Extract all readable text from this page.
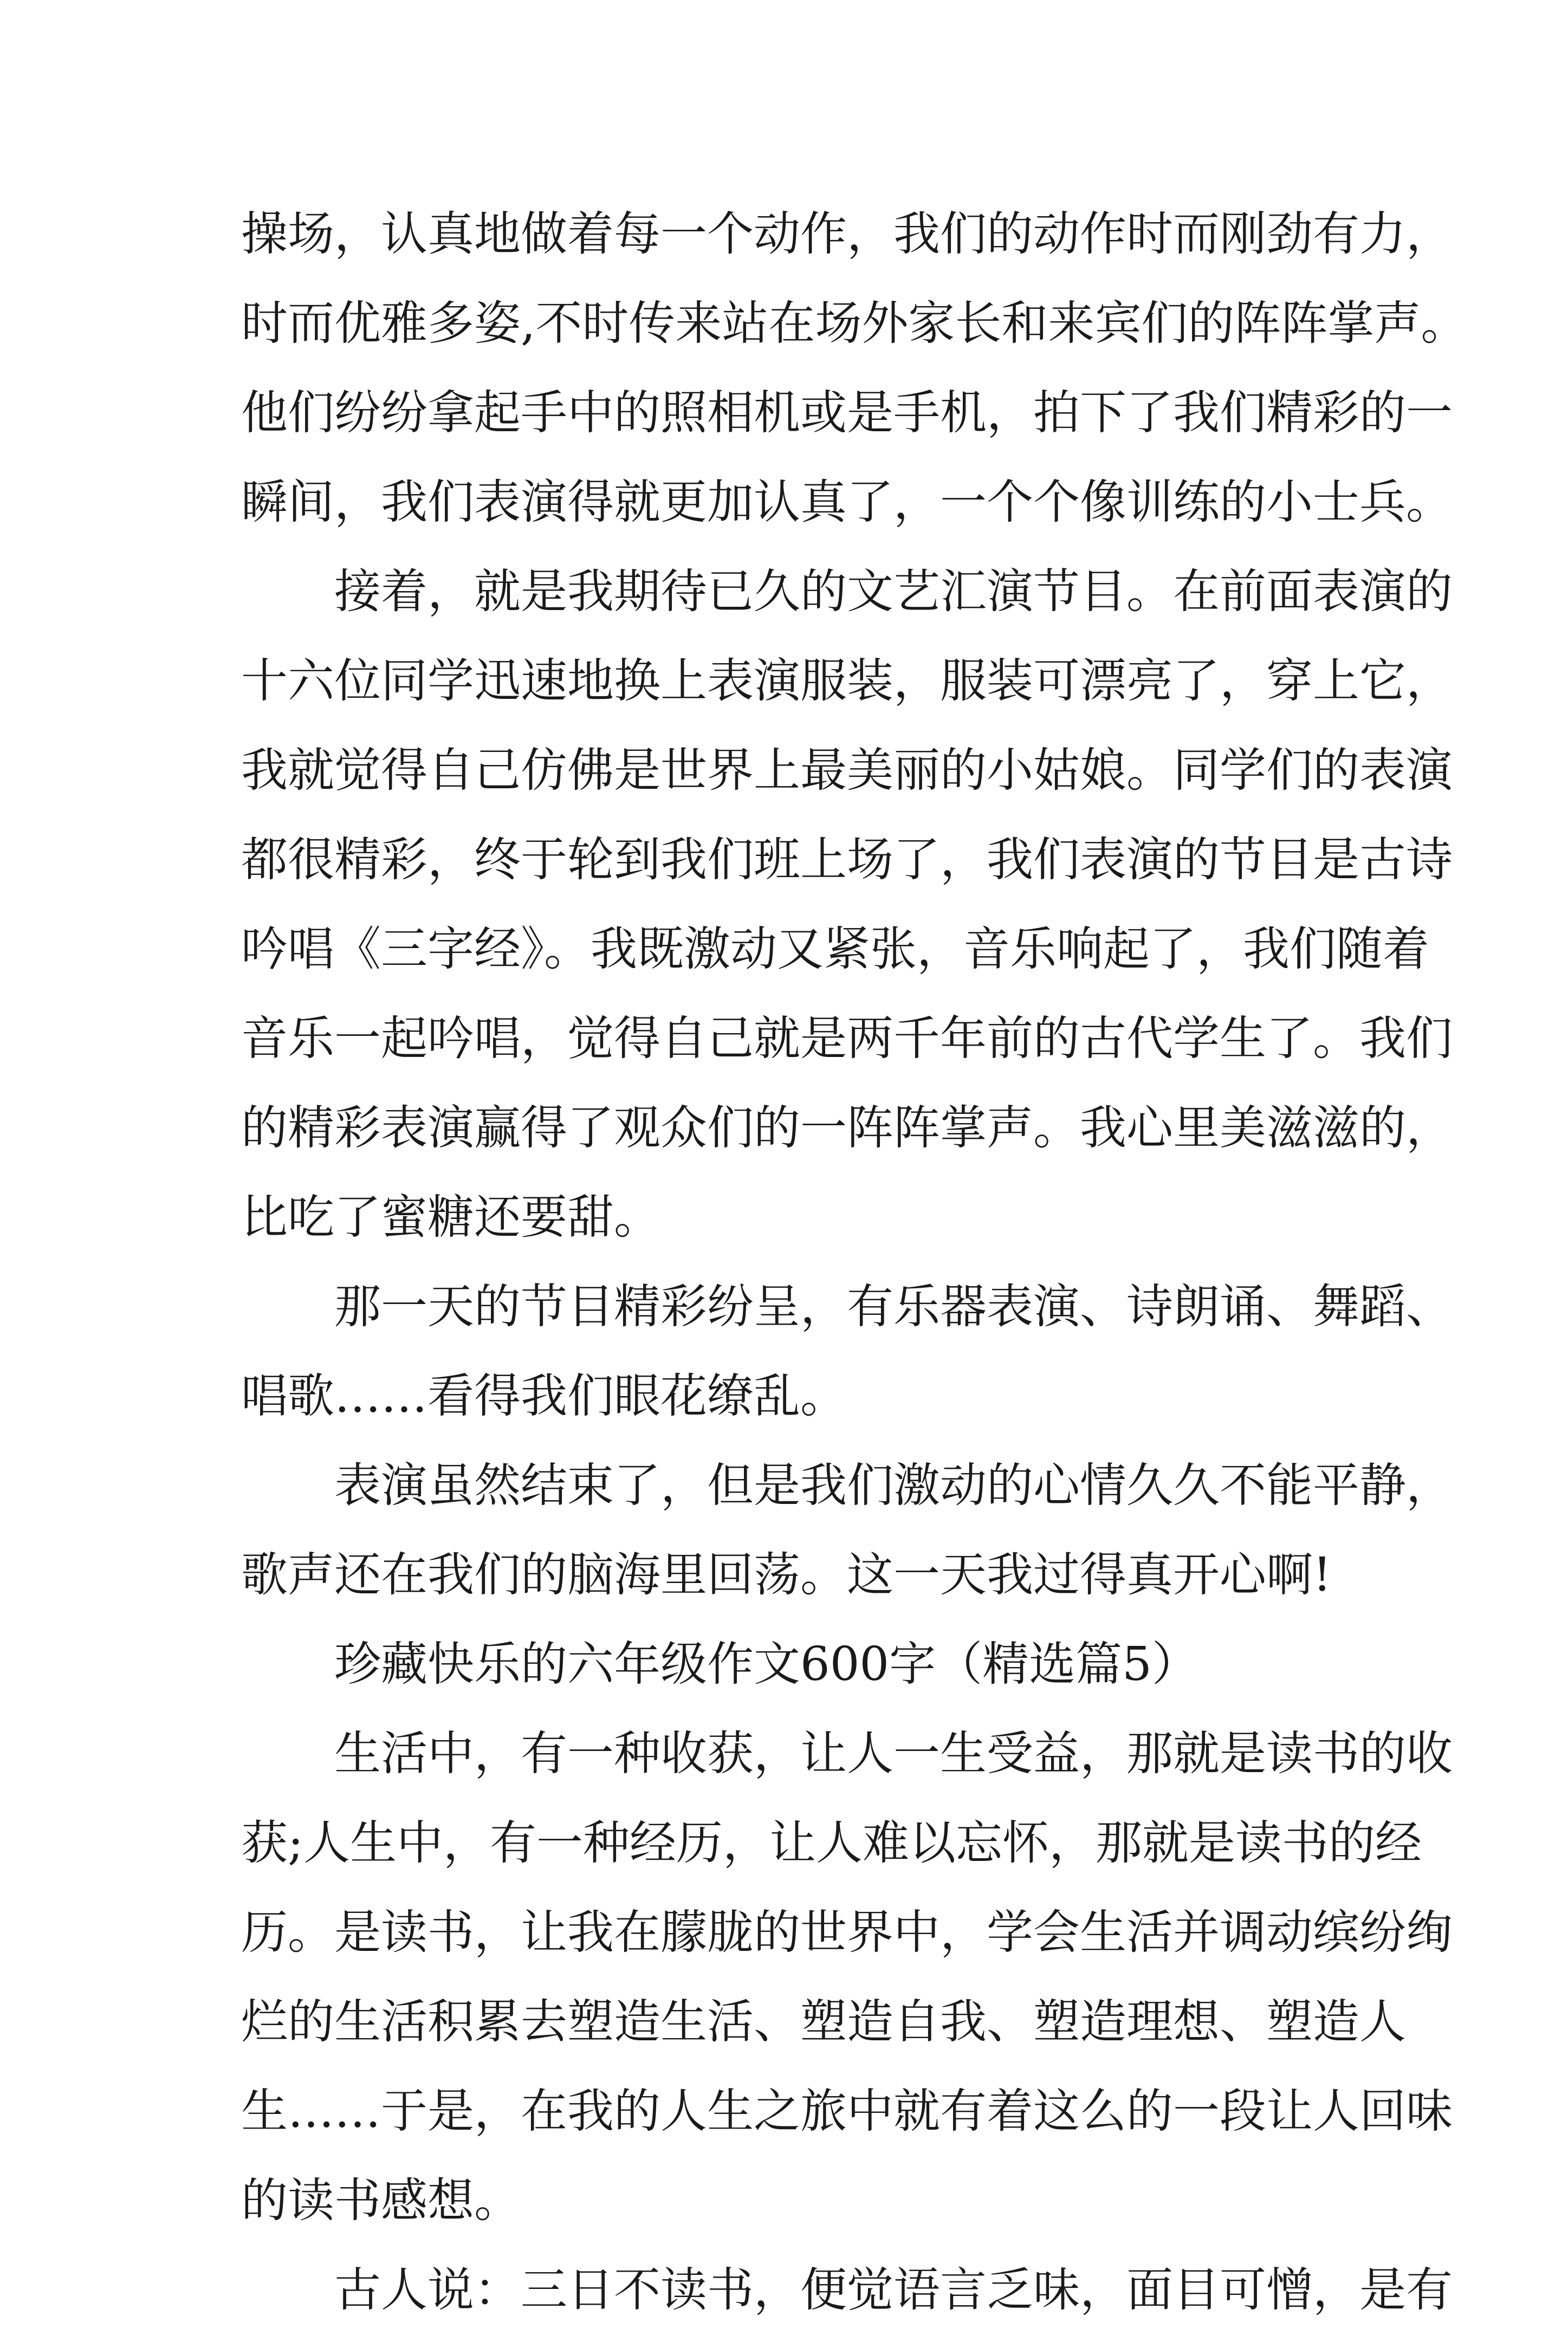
操场，认真地做着每一个动作，我们的动作时而刚劲有力，
时而优雅多姿,不时传来站在场外家长和来宾们的阵阵掌声。
他们纷纷拿起手中的照相机或是手机，拍下了我们精彩的一
瞬间，我们表演得就更加认真了，一个个像训练的小士兵。
接着，就是我期待已久的文艺汇演节目。在前面表演的
十六位同学迅速地换上表演服装，服装可漂亮了，穿上它，
我就觉得自己仿佛是世界上最美丽的小姑娘。同学们的表演
都很精彩，终于轮到我们班上场了，我们表演的节目是古诗
吟唱《三字经》。我既激动又紧张，音乐响起了，我们随着
音乐一起吟唱，觉得自己就是两千年前的古代学生了。我们
的精彩表演赢得了观众们的一阵阵掌声。我心里美滋滋的，
比吃了蜜糖还要甜。
那一天的节目精彩纷呈，有乐器表演、诗朗诵、舞蹈、
唱歌……看得我们眼花缭乱。
表演虽然结束了，但是我们激动的心情久久不能平静，
歌声还在我们的脑海里回荡。这一天我过得真开心啊!
珍藏快乐的六年级作文600字（精选篇5）
生活中，有一种收获，让人一生受益，那就是读书的收
获;人生中，有一种经历，让人难以忘怀，那就是读书的经
历。是读书，让我在朦胧的世界中，学会生活并调动缤纷绚
烂的生活积累去塑造生活、塑造自我、塑造理想、塑造人
生……于是，在我的人生之旅中就有着这么的一段让人回味
的读书感想。
古人说：三日不读书，便觉语言乏味，面目可憎，是有
